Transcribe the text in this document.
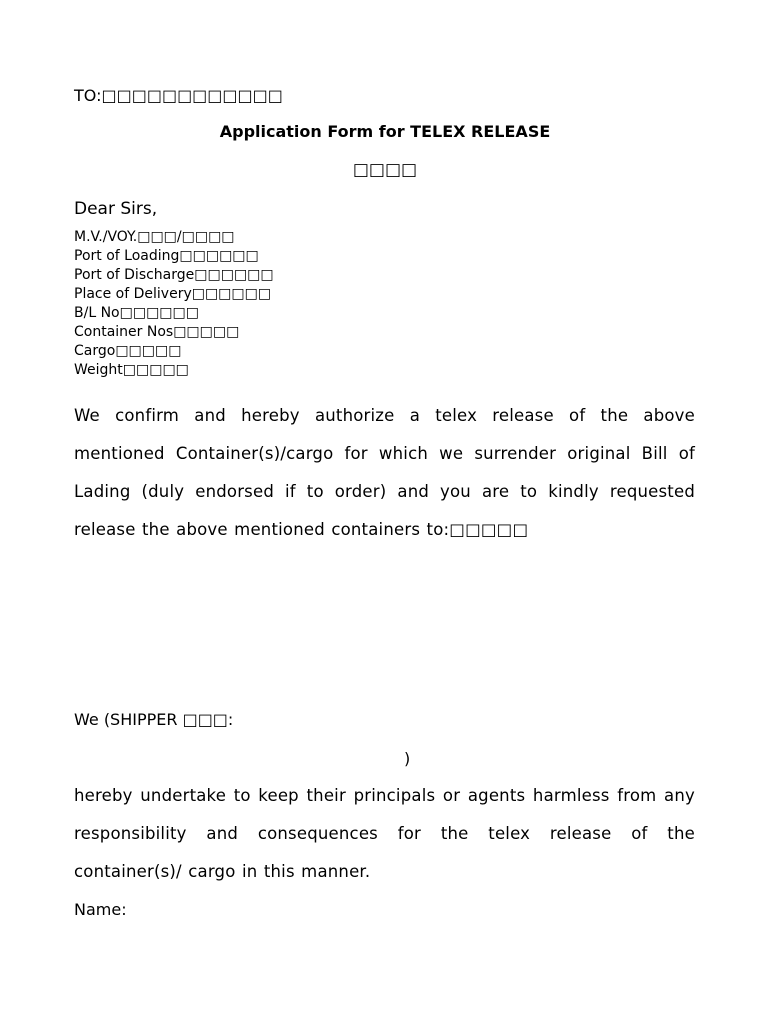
TO:□□□□□□□□□□□□
Application Form for TELEX RELEASE
□□□□
Dear Sirs,
M.V./VOY.□□□/□□□□
Port of Loading□□□□□□
Port of Discharge□□□□□□
Place of Delivery□□□□□□
B/L No□□□□□□
Container Nos□□□□□
Cargo□□□□□
Weight□□□□□
We confirm and hereby authorize a telex release of the above mentioned Container(s)/cargo for which we surrender original Bill of Lading (duly endorsed if to order) and you are to kindly requested release the above mentioned containers to:□□□□□
We (SHIPPER □□□:
)
hereby undertake to keep their principals or agents harmless from any responsibility and consequences for the telex release of the container(s)/ cargo in this manner.
Name:
